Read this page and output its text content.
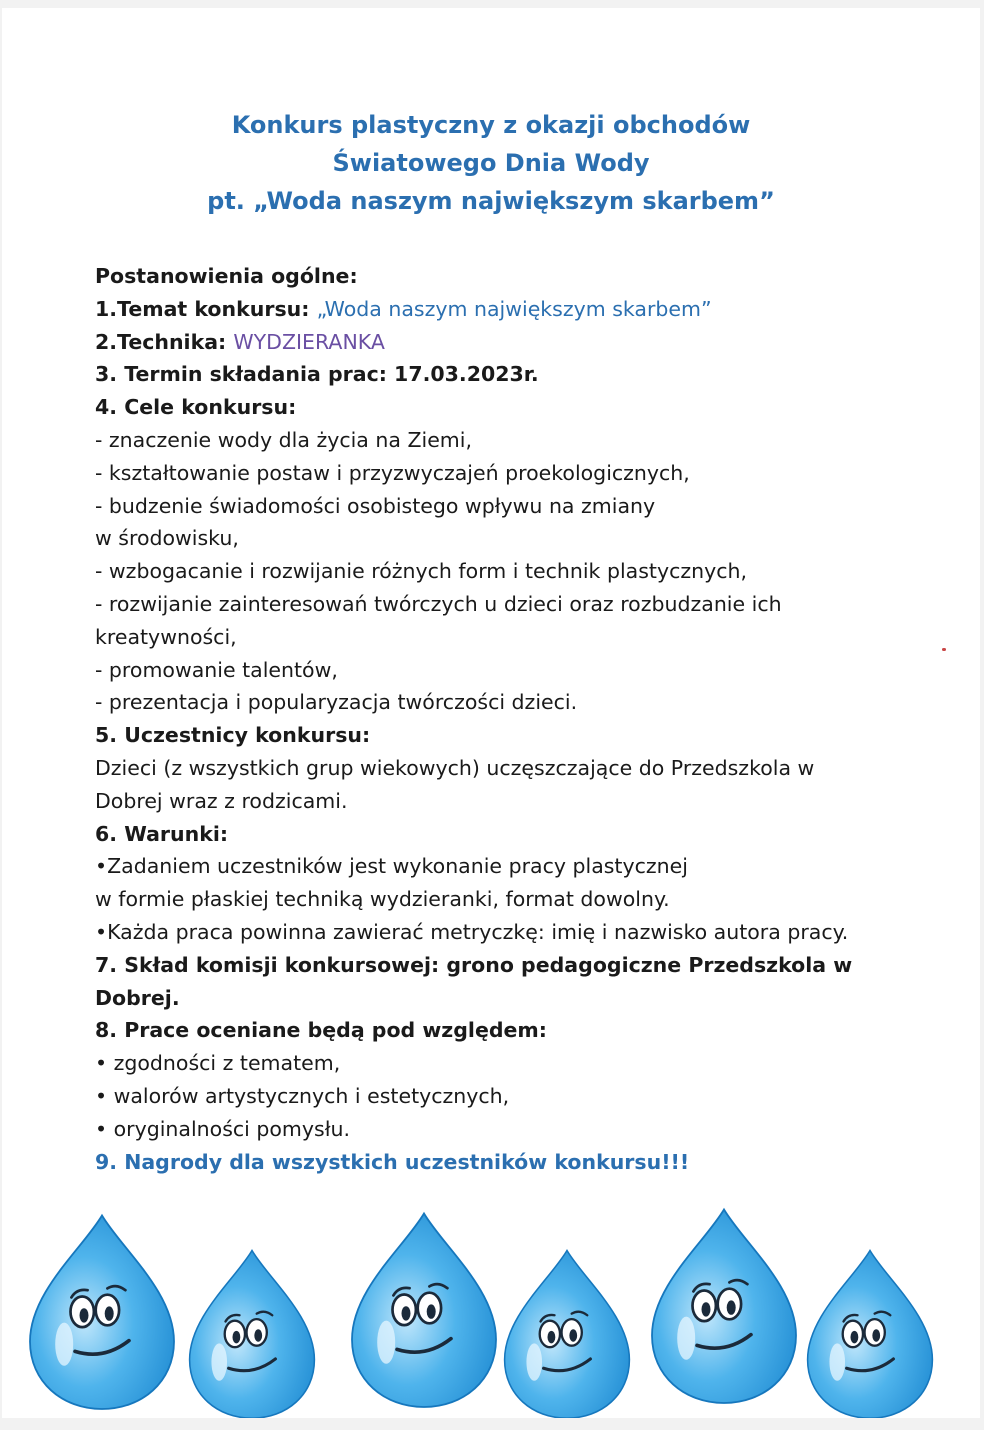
Konkurs plastyczny z okazji obchodów
Światowego Dnia Wody
pt. „Woda naszym największym skarbem”
Postanowienia ogólne:
1.Temat konkursu: „Woda naszym największym skarbem”
2.Technika: WYDZIERANKA
3. Termin składania prac: 17.03.2023r.
4. Cele konkursu:
- znaczenie wody dla życia na Ziemi,
- kształtowanie postaw i przyzwyczajeń proekologicznych,
- budzenie świadomości osobistego wpływu na zmiany
w środowisku,
- wzbogacanie i rozwijanie różnych form i technik plastycznych,
- rozwijanie zainteresowań twórczych u dzieci oraz rozbudzanie ich
kreatywności,
- promowanie talentów,
- prezentacja i popularyzacja twórczości dzieci.
5. Uczestnicy konkursu:
Dzieci (z wszystkich grup wiekowych) uczęszczające do Przedszkola w
Dobrej wraz z rodzicami.
6. Warunki:
•Zadaniem uczestników jest wykonanie pracy plastycznej
w formie płaskiej techniką wydzieranki, format dowolny.
•Każda praca powinna zawierać metryczkę: imię i nazwisko autora pracy.
7. Skład komisji konkursowej: grono pedagogiczne Przedszkola w
Dobrej.
8. Prace oceniane będą pod względem:
• zgodności z tematem,
• walorów artystycznych i estetycznych,
• oryginalności pomysłu.
9. Nagrody dla wszystkich uczestników konkursu!!!
